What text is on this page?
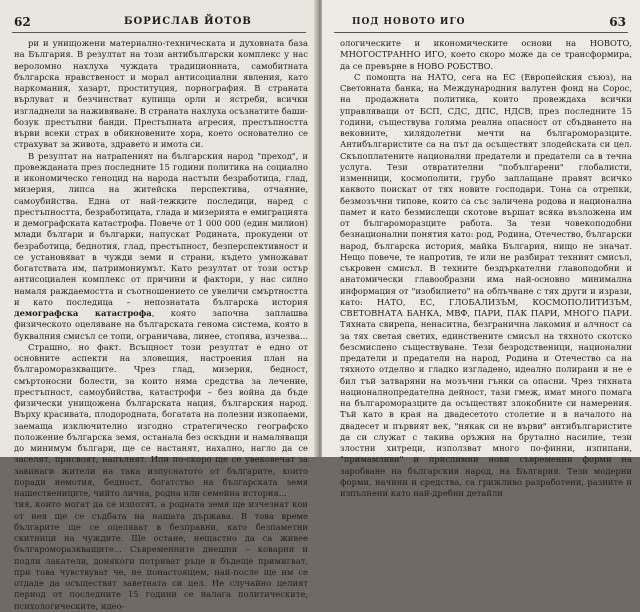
62	БОРИСЛАВ ЙОТОВ

ри и унищожени материално-техническата и духовната база на България. В резултат на този антибългарски комплекс у нас вероломно нахлуха чуждата традиционната, самобитната българска нравственост и морал антисоциални явления, като наркомания, хазарт, проституция, порнография. В страната върлуват и безчинстват купища орли и ястреби, всички изгладнели за наживяване. В страната нахлуха осъзнатите баши-бозук престъпни банди. Престъпната агресия, престъпността върви всеки страх в обикновените хора, което основателно се страхуват за живота, здравето и имота си.

В резултат на натрапеният на българския народ "преход", и провежданата през последните 15 години политика на социално и икономическо геноцид на народа настъпи безработица, глад, мизерия, липса на житейска перспектива, отчаяние, самоубийства. Една от най-тежките последици, наред с престъпността, безработицата, глада и мизерията е емиграцията и демографската катастрофа. Повече от 1 000 000 (един милион) млади българи и българки, напускат Родината, прокудени от безработица, беднотия, глад, престъпност, безперспективност и се установяват в чужди земи и страни, където умножават богатствата им, патримониумът. Като резултат от този остър антисоциален комплекс от причини и фактори, у нас силно намаля раждаемостта и съотношението се увеличи смъртността и като последица – непознатата българска история демографска катастрофа, която започна заплашва физическото оцеляване на българската генома система, която в буквалния смисъл се топи, ограничава, линее, стопява, изчезва...

Страшно, но факт. Всъщност този резултат е едно от основните аспекти на зловещия, настроения план на българоморазкващите. Чрез глад, мизерия, бедност, смъртоносни болести, за които няма средства за лечение, престъпност, самоубийства, катастрофи – без война да бъде физически унищожена българската нация, българския народ. Върху красивата, плодородната, богатата на полезни изкопаеми, заемаща изключително изгодно стратегическо географско положение българска земя, останала без оскъдни и намаляващи до минимум българи, ще се настанят, нахално, нагло да се заселят, присвоят, напълнят. Или по-скоро ще се увековечат за завинаги жители на така изпуснатото от българите, които поради немотия, бедност, богатство на българската земя нашествениците, чийто лична, родна или семейна история...

тия, които могат да се изпотят, а родната земя ще изчезнат кои от нея ще се съдбата на нашата държава. В това време българите ще се оцеляват в безправни, като безпаметни скитници на чуждите. Ще остане, нещастно да са живее българоморазкващите... Съвременните днешни – коварни и подли лакатели, донякоги потриват ръце и бъдеще примигват, при това чувствуват че, не понастоящем, най-после ще им се отдаде да осъществят заветната си цел. Не случайно целият период от последните 15 години се налага политическите, психологическите, идео-

ПОД НОВОТО ИГО	63

ологическите и икономическите основи на НОВОТО, МНОГОСТРАННО ИГО, което скоро може да се трансформира, да се превърне в НОВО РОБСТВО.

С помощта на НАТО, сега на ЕС (Европейския съюз), на Световната банка, на Международния валутен фонд на Сорос, на продажната политика, които провеждаха всички управляващи от БСП, СДС, ДПС, НДСВ, през последните 15 години, съществува голяма реална опасност от сбъдването на вековните, хилядолетни мечти на българоморазците. Антибългаристите са на път да осъществят злодейската си цел. Скъпоплатените национални предатели и предатели са в течна услуга. Тези отвратителни "побългарени" глобалисти, изменници, космополити, грубо заплащане правят всичко каквото поискат от тях новите господари. Тона са отрепки, безмозъчни типове, които са със заличена родова и национална памет и като безмислещи скотове вършат всяка възложена им от българоморазците работа. За тези човекоподобни безнационални понятия като: род, Родина, Отечество, български народ, българска история, майка България, нищо не значат. Нещо повече, те напротив, те или не разбират техният смисъл, съкровен смисъл. В техните бездъркателни главоподобни и анатомически главообразни има най-основно минимална информация от "изобилието" на облъчване с тях други и изрази, като: НАТО, ЕС, ГЛОБАЛИЗЪМ, КОСМОПОЛИТИЗЪМ, СВЕТОВНАТА БАНКА, МВФ, ПАРИ, ПАК ПАРИ, МНОГО ПАРИ. Тяхната свирепа, ненаситна, безгранична лакомия и алчност са за тях светая светих, единствените смисъл на тяхното скотско безсмислено съществуване. Тези безродственици, национални предатели и предатели на народ, Родина и Отечество са на тяхното отделно и гладко изгладено, идеално полирани и не е бил тъй затваряни на мозъчни гънки са опасни. Чрез тяхната националнопредателна дейност, тази гмеж, имат много помага на българоморазците да осъществят злокобните си намерения. Тъй като в края на двадесетото столетие и в началото на двадесет и първият век, "някак си не върви" антибългаристите да си служат с такива оръжия на брутално насилие, тези злостни хитреци, използват много по-финни, изпипани, "примамливи" и прислимни нови съвременни форми на заробване на българския народ, на България. Тези модерни форми, начини и средства, са грижливо разработени, разните и изпълнени като най-дребни детайли
